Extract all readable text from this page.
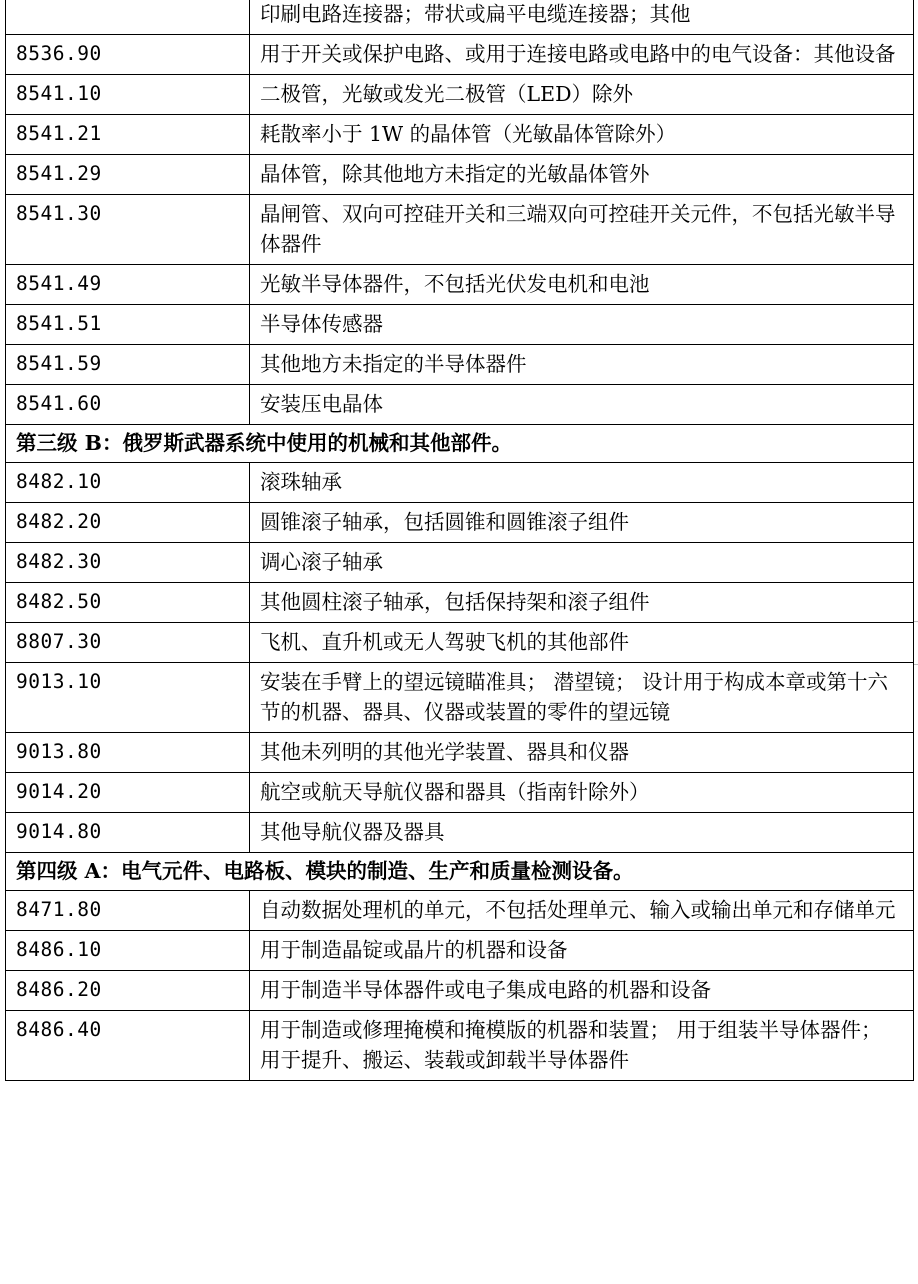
	印刷电路连接器；带状或扁平电缆连接器；其他
8536.90	用于开关或保护电路、或用于连接电路或电路中的电气设备：其他设备
8541.10	二极管，光敏或发光二极管（LED）除外
8541.21	耗散率小于 1W 的晶体管（光敏晶体管除外）
8541.29	晶体管，除其他地方未指定的光敏晶体管外
8541.30	晶闸管、双向可控硅开关和三端双向可控硅开关元件，不包括光敏半导体器件
8541.49	光敏半导体器件，不包括光伏发电机和电池
8541.51	半导体传感器
8541.59	其他地方未指定的半导体器件
8541.60	安装压电晶体
第三级 B：俄罗斯武器系统中使用的机械和其他部件。	
8482.10	滚珠轴承
8482.20	圆锥滚子轴承，包括圆锥和圆锥滚子组件
8482.30	调心滚子轴承
8482.50	其他圆柱滚子轴承，包括保持架和滚子组件
8807.30	飞机、直升机或无人驾驶飞机的其他部件
9013.10	安装在手臂上的望远镜瞄准具； 潜望镜； 设计用于构成本章或第十六节的机器、器具、仪器或装置的零件的望远镜
9013.80	其他未列明的其他光学装置、器具和仪器
9014.20	航空或航天导航仪器和器具（指南针除外）
9014.80	其他导航仪器及器具
第四级 A：电气元件、电路板、模块的制造、生产和质量检测设备。	
8471.80	自动数据处理机的单元，不包括处理单元、输入或输出单元和存储单元
8486.10	用于制造晶锭或晶片的机器和设备
8486.20	用于制造半导体器件或电子集成电路的机器和设备
8486.40	用于制造或修理掩模和掩模版的机器和装置； 用于组装半导体器件； 用于提升、搬运、装载或卸载半导体器件
